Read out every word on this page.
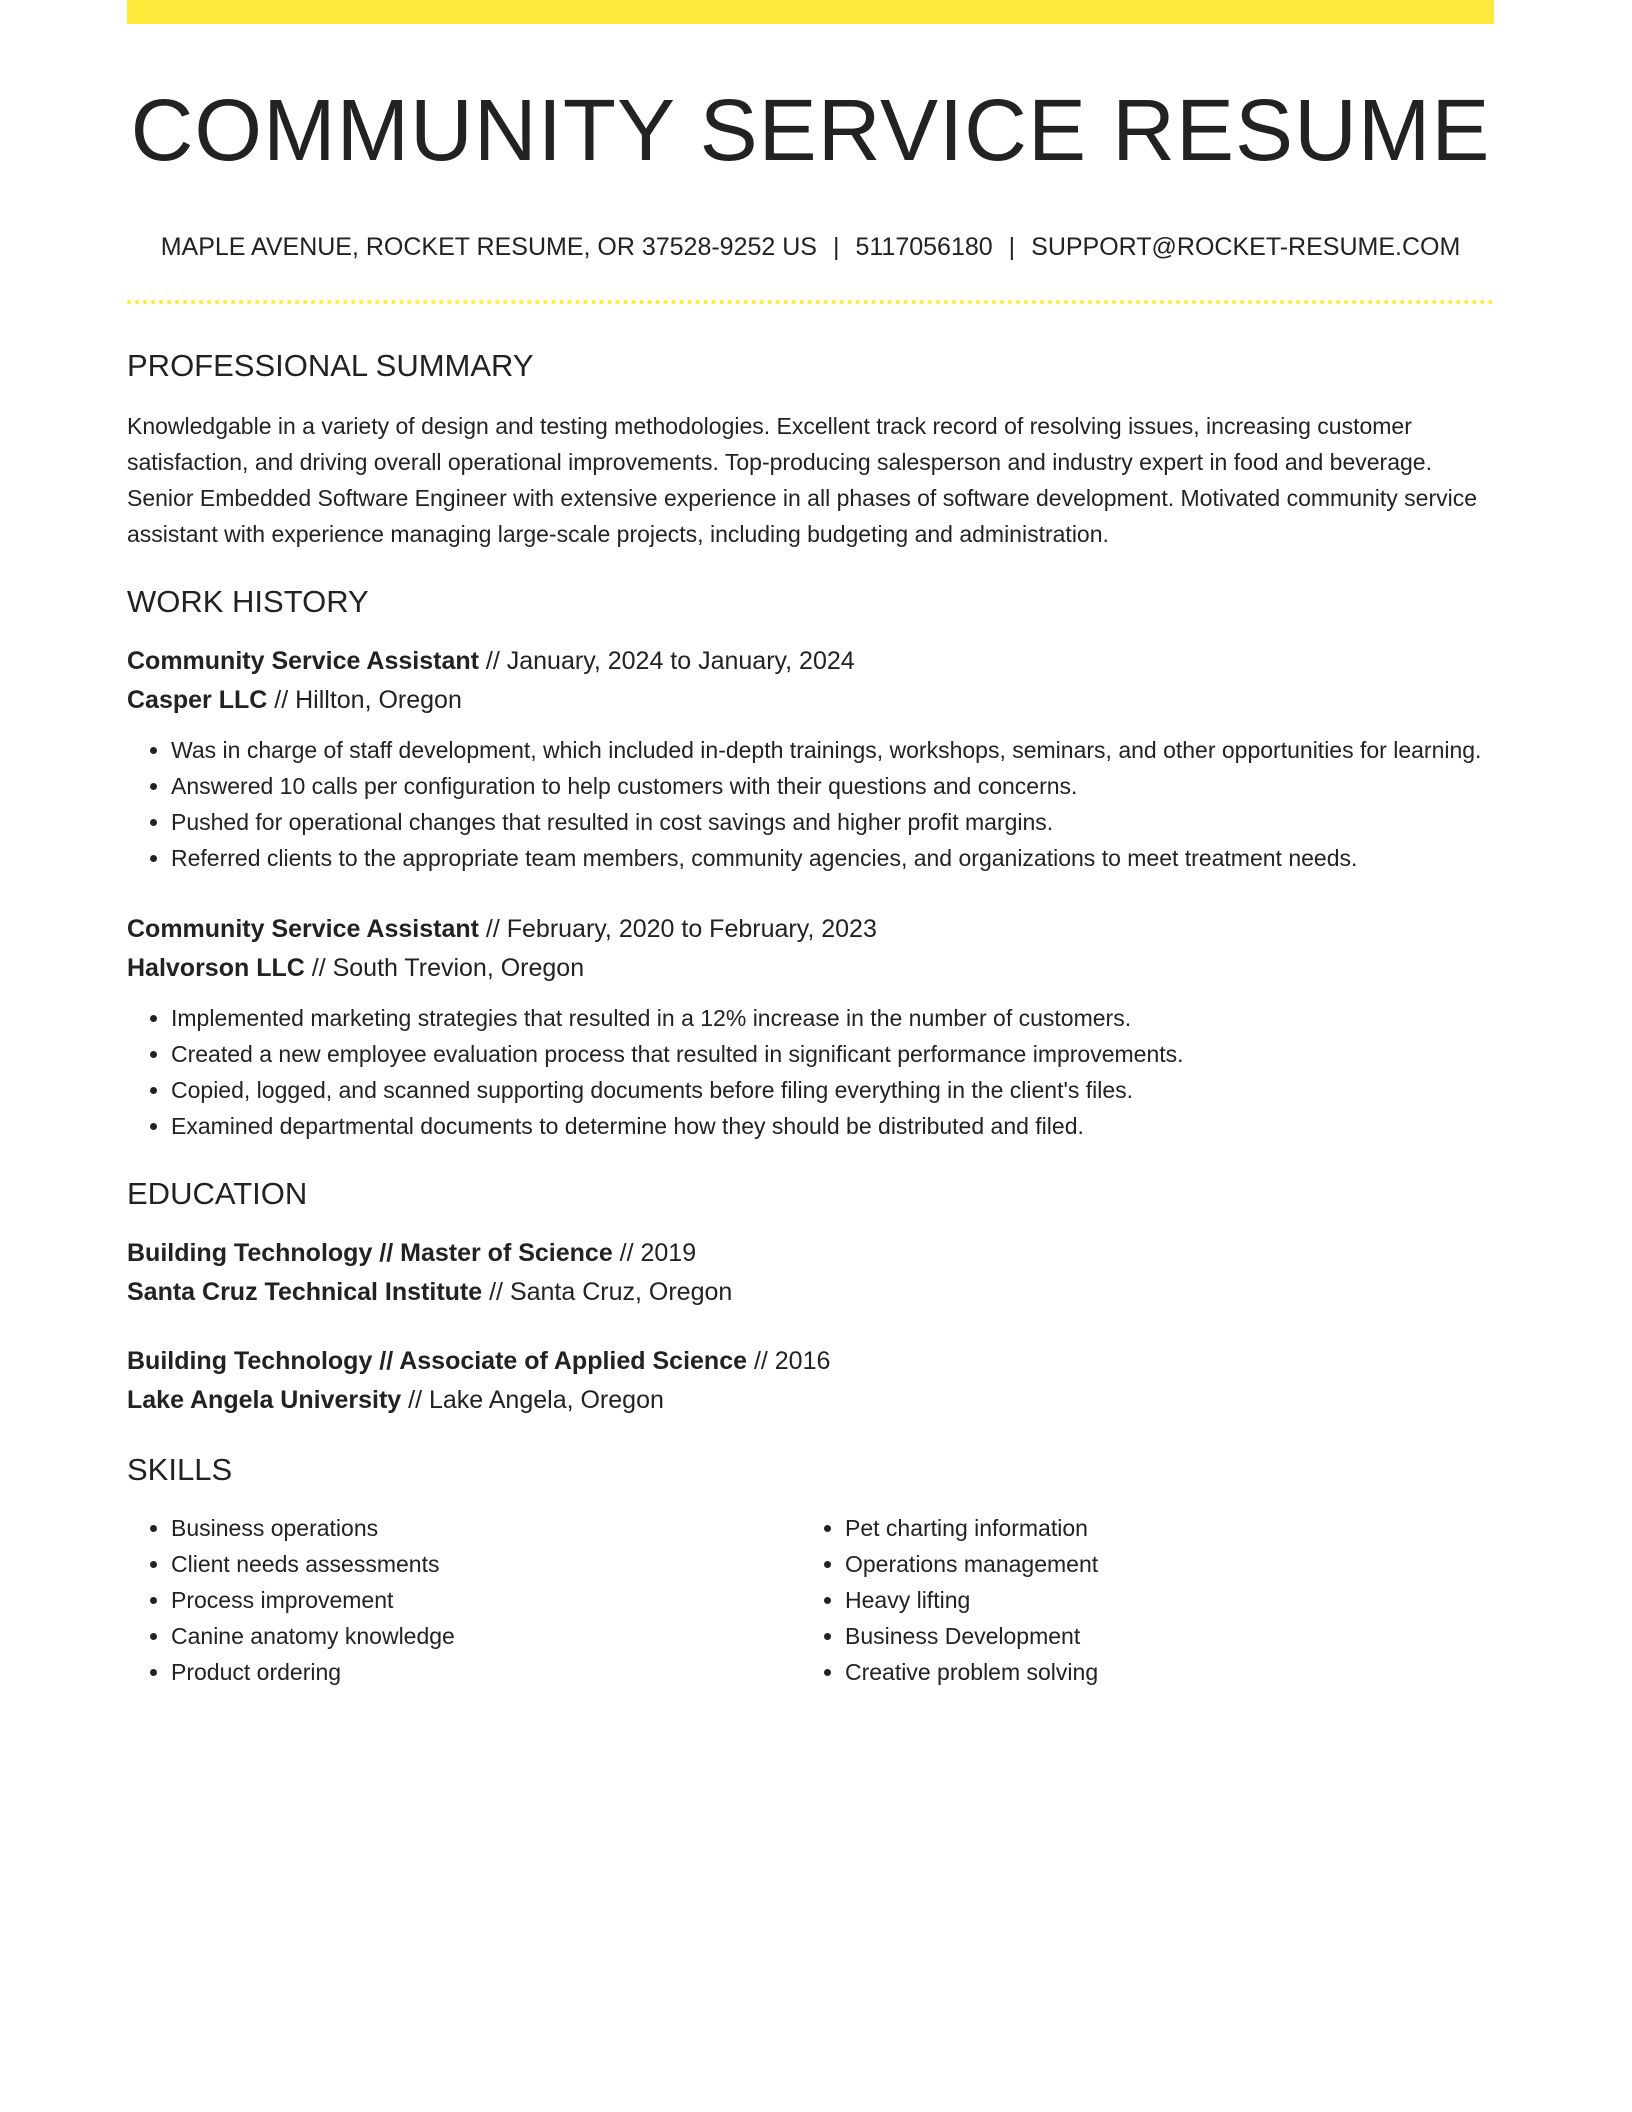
COMMUNITY SERVICE RESUME
MAPLE AVENUE, ROCKET RESUME, OR 37528-9252 US | 5117056180 | SUPPORT@ROCKET-RESUME.COM
PROFESSIONAL SUMMARY

Knowledgable in a variety of design and testing methodologies. Excellent track record of resolving issues, increasing customer satisfaction, and driving overall operational improvements. Top-producing salesperson and industry expert in food and beverage. Senior Embedded Software Engineer with extensive experience in all phases of software development. Motivated community service assistant with experience managing large-scale projects, including budgeting and administration.

WORK HISTORY
Community Service Assistant // January, 2024 to January, 2024
Casper LLC // Hillton, Oregon
• Was in charge of staff development, which included in-depth trainings, workshops, seminars, and other opportunities for learning.
• Answered 10 calls per configuration to help customers with their questions and concerns.
• Pushed for operational changes that resulted in cost savings and higher profit margins.
• Referred clients to the appropriate team members, community agencies, and organizations to meet treatment needs.
Community Service Assistant // February, 2020 to February, 2023
Halvorson LLC // South Trevion, Oregon
• Implemented marketing strategies that resulted in a 12% increase in the number of customers.
• Created a new employee evaluation process that resulted in significant performance improvements.
• Copied, logged, and scanned supporting documents before filing everything in the client's files.
• Examined departmental documents to determine how they should be distributed and filed.
EDUCATION
Building Technology // Master of Science // 2019
Santa Cruz Technical Institute // Santa Cruz, Oregon
Building Technology // Associate of Applied Science // 2016
Lake Angela University // Lake Angela, Oregon
SKILLS
• Business operations
• Client needs assessments
• Process improvement
• Canine anatomy knowledge
• Product ordering
• Pet charting information
• Operations management
• Heavy lifting
• Business Development
• Creative problem solving
